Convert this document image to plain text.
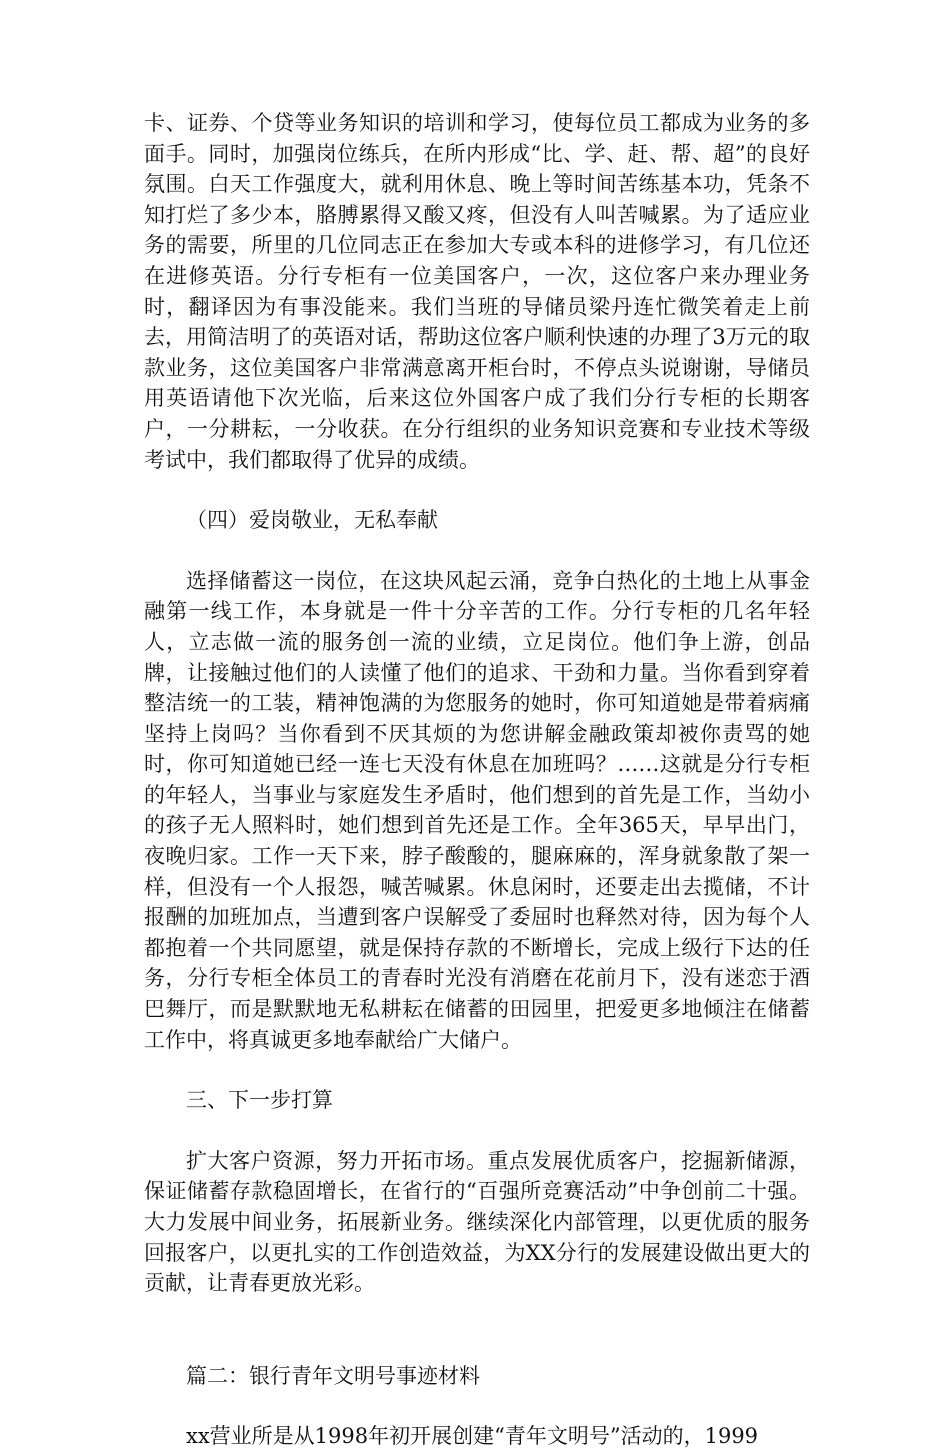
卡、证券、个贷等业务知识的培训和学习，使每位员工都成为业务的多面手。同时，加强岗位练兵，在所内形成“比、学、赶、帮、超”的良好氛围。白天工作强度大，就利用休息、晚上等时间苦练基本功，凭条不知打烂了多少本，胳膊累得又酸又疼，但没有人叫苦喊累。为了适应业务的需要，所里的几位同志正在参加大专或本科的进修学习，有几位还在进修英语。分行专柜有一位美国客户，一次，这位客户来办理业务时，翻译因为有事没能来。我们当班的导储员梁丹连忙微笑着走上前去，用简洁明了的英语对话，帮助这位客户顺利快速的办理了3万元的取款业务，这位美国客户非常满意离开柜台时，不停点头说谢谢，导储员用英语请他下次光临，后来这位外国客户成了我们分行专柜的长期客户，一分耕耘，一分收获。在分行组织的业务知识竞赛和专业技术等级考试中，我们都取得了优异的成绩。

（四）爱岗敬业，无私奉献

选择储蓄这一岗位，在这块风起云涌，竞争白热化的土地上从事金融第一线工作，本身就是一件十分辛苦的工作。分行专柜的几名年轻人，立志做一流的服务创一流的业绩，立足岗位。他们争上游，创品牌，让接触过他们的人读懂了他们的追求、干劲和力量。当你看到穿着整洁统一的工装，精神饱满的为您服务的她时，你可知道她是带着病痛坚持上岗吗？当你看到不厌其烦的为您讲解金融政策却被你责骂的她时，你可知道她已经一连七天没有休息在加班吗？……这就是分行专柜的年轻人，当事业与家庭发生矛盾时，他们想到的首先是工作，当幼小的孩子无人照料时，她们想到首先还是工作。全年365天，早早出门，夜晚归家。工作一天下来，脖子酸酸的，腿麻麻的，浑身就象散了架一样，但没有一个人报怨，喊苦喊累。休息闲时，还要走出去揽储，不计报酬的加班加点，当遭到客户误解受了委屈时也释然对待，因为每个人都抱着一个共同愿望，就是保持存款的不断增长，完成上级行下达的任务，分行专柜全体员工的青春时光没有消磨在花前月下，没有迷恋于酒巴舞厅，而是默默地无私耕耘在储蓄的田园里，把爱更多地倾注在储蓄工作中，将真诚更多地奉献给广大储户。

三、下一步打算

扩大客户资源，努力开拓市场。重点发展优质客户，挖掘新储源，保证储蓄存款稳固增长，在省行的“百强所竞赛活动”中争创前二十强。大力发展中间业务，拓展新业务。继续深化内部管理，以更优质的服务回报客户，以更扎实的工作创造效益，为XX分行的发展建设做出更大的贡献，让青春更放光彩。

篇二：银行青年文明号事迹材料

xx营业所是从1998年初开展创建“青年文明号”活动的，1999
